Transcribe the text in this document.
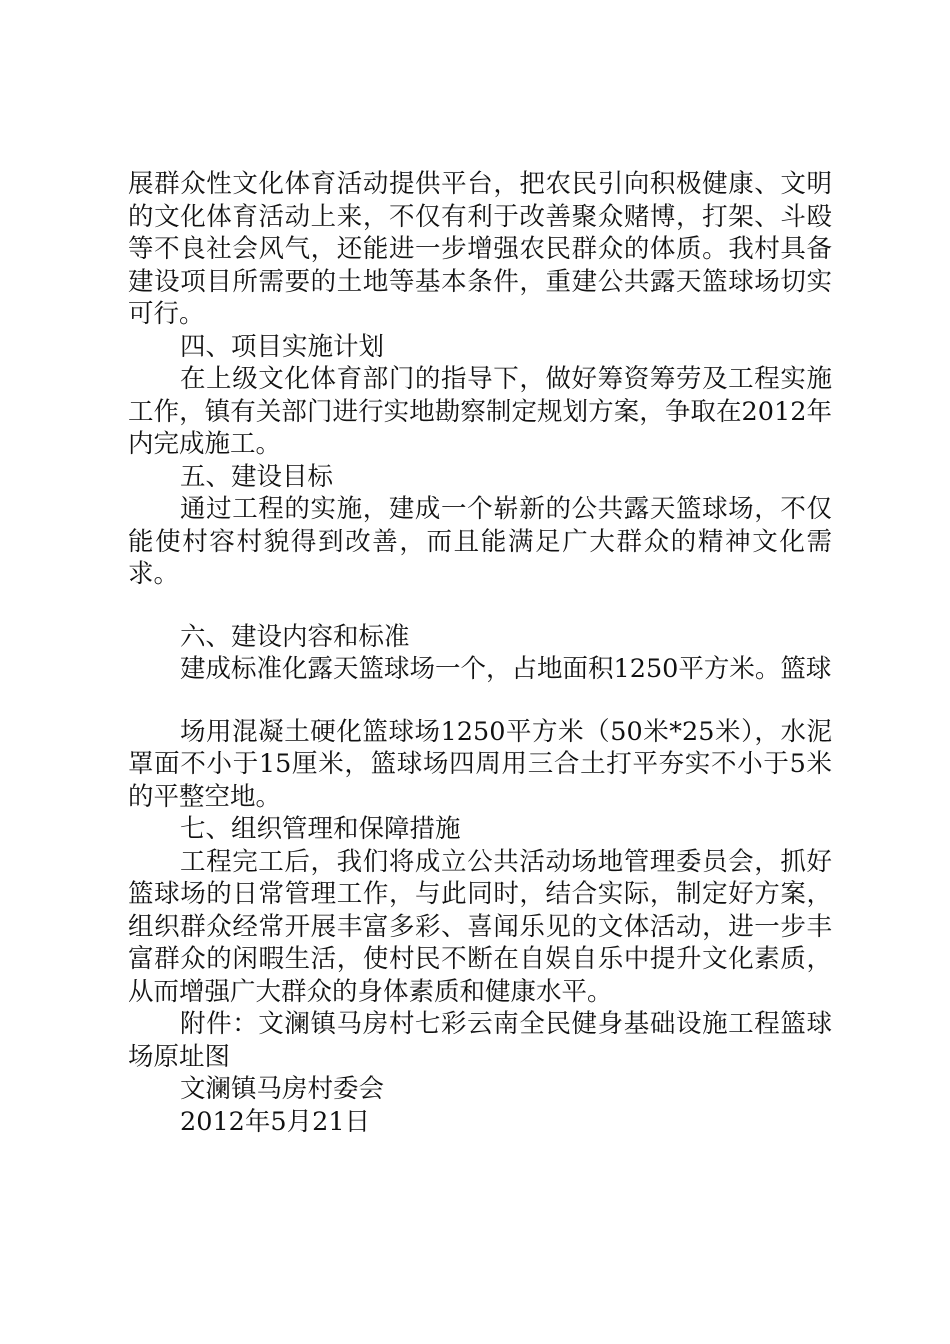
展群众性文化体育活动提供平台，把农民引向积极健康、文明的文化体育活动上来，不仅有利于改善聚众赌博，打架、斗殴等不良社会风气，还能进一步增强农民群众的体质。我村具备建设项目所需要的土地等基本条件，重建公共露天篮球场切实可行。

四、项目实施计划

在上级文化体育部门的指导下，做好筹资筹劳及工程实施工作，镇有关部门进行实地勘察制定规划方案，争取在2012年内完成施工。

五、建设目标

通过工程的实施，建成一个崭新的公共露天篮球场，不仅能使村容村貌得到改善，而且能满足广大群众的精神文化需求。

六、建设内容和标准

建成标准化露天篮球场一个，占地面积1250平方米。篮球

场用混凝土硬化篮球场1250平方米（50米*25米），水泥罩面不小于15厘米，篮球场四周用三合土打平夯实不小于5米的平整空地。

七、组织管理和保障措施

工程完工后，我们将成立公共活动场地管理委员会，抓好篮球场的日常管理工作，与此同时，结合实际，制定好方案，组织群众经常开展丰富多彩、喜闻乐见的文体活动，进一步丰富群众的闲暇生活，使村民不断在自娱自乐中提升文化素质，从而增强广大群众的身体素质和健康水平。

附件：文澜镇马房村七彩云南全民健身基础设施工程篮球场原址图

文澜镇马房村委会

2012年5月21日
